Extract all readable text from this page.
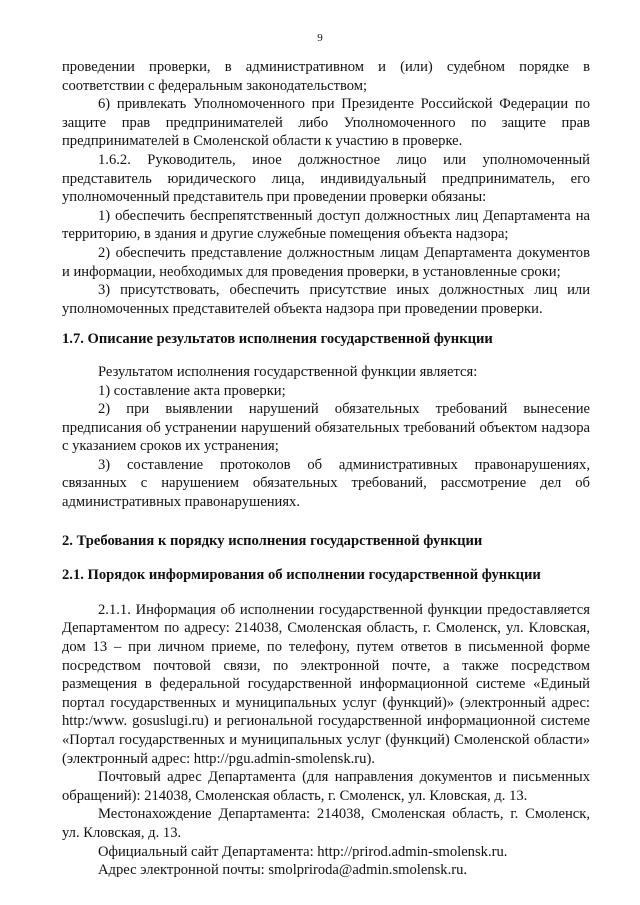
9

проведении проверки, в административном и (или) судебном порядке в соответствии с федеральным законодательством;

6) привлекать Уполномоченного при Президенте Российской Федерации по защите прав предпринимателей либо Уполномоченного по защите прав предпринимателей в Смоленской области к участию в проверке.

1.6.2. Руководитель, иное должностное лицо или уполномоченный представитель юридического лица, индивидуальный предприниматель, его уполномоченный представитель при проведении проверки обязаны:

1) обеспечить беспрепятственный доступ должностных лиц Департамента на территорию, в здания и другие служебные помещения объекта надзора;

2) обеспечить представление должностным лицам Департамента документов и информации, необходимых для проведения проверки, в установленные сроки;

3) присутствовать, обеспечить присутствие иных должностных лиц или уполномоченных представителей объекта надзора при проведении проверки.

1.7. Описание результатов исполнения государственной функции

Результатом исполнения государственной функции является:

1) составление акта проверки;

2) при выявлении нарушений обязательных требований вынесение предписания об устранении нарушений обязательных требований объектом надзора с указанием сроков их устранения;

3) составление протоколов об административных правонарушениях, связанных с нарушением обязательных требований, рассмотрение дел об административных правонарушениях.

2. Требования к порядку исполнения государственной функции

2.1. Порядок информирования об исполнении государственной функции

2.1.1. Информация об исполнении государственной функции предоставляется Департаментом по адресу: 214038, Смоленская область, г. Смоленск, ул. Кловская, дом 13 – при личном приеме, по телефону, путем ответов в письменной форме посредством почтовой связи, по электронной почте, а также посредством размещения в федеральной государственной информационной системе «Единый портал государственных и муниципальных услуг (функций)» (электронный адрес: http:/www. gosuslugi.ru) и региональной государственной информационной системе «Портал государственных и муниципальных услуг (функций) Смоленской области» (электронный адрес: http://pgu.admin-smolensk.ru).

Почтовый адрес Департамента (для направления документов и письменных обращений): 214038, Смоленская область, г. Смоленск, ул. Кловская, д. 13.

Местонахождение Департамента: 214038, Смоленская область, г. Смоленск, ул. Кловская, д. 13.

Официальный сайт Департамента: http://prirod.admin-smolensk.ru.

Адрес электронной почты: smolpriroda@admin.smolensk.ru.
